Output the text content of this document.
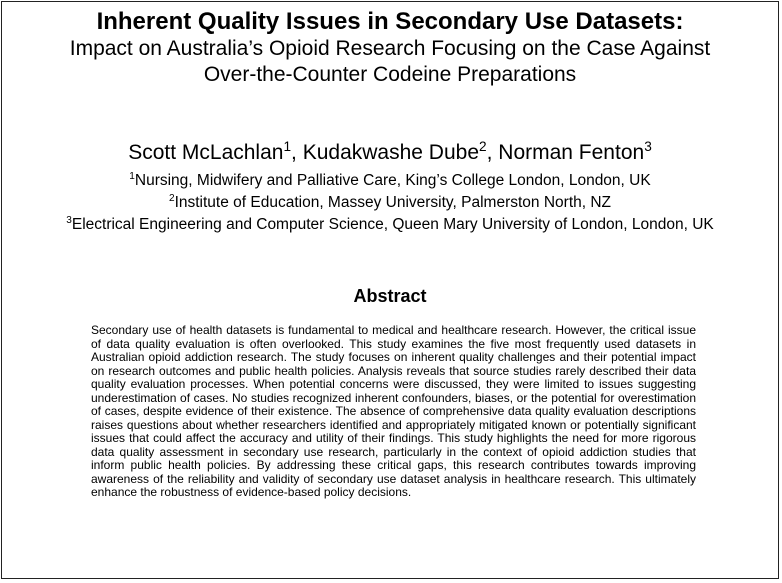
Inherent Quality Issues in Secondary Use Datasets:
Impact on Australia’s Opioid Research Focusing on the Case Against
Over-the-Counter Codeine Preparations
Scott McLachlan$^1$, Kudakwashe Dube$^2$, Norman Fenton$^3$
$^1$Nursing, Midwifery and Palliative Care, King’s College London, London, UK
$^2$Institute of Education, Massey University, Palmerston North, NZ
$^3$Electrical Engineering and Computer Science, Queen Mary University of London, London, UK
Abstract
Secondary use of health datasets is fundamental to medical and healthcare research. However, the critical issue of data quality evaluation is often overlooked. This study examines the five most frequently used datasets in Australian opioid addiction research. The study focuses on inherent quality challenges and their potential impact on research outcomes and public health policies. Analysis reveals that source studies rarely described their data quality evaluation processes. When potential concerns were discussed, they were limited to issues suggesting underestimation of cases. No studies recognized inherent confounders, biases, or the potential for overestimation of cases, despite evidence of their existence. The absence of comprehensive data quality evaluation descriptions raises questions about whether researchers identified and appropriately mitigated known or potentially significant issues that could affect the accuracy and utility of their findings. This study highlights the need for more rigorous data quality assessment in secondary use research, particularly in the context of opioid addiction studies that inform public health policies. By addressing these critical gaps, this research contributes towards improving awareness of the reliability and validity of secondary use dataset analysis in healthcare research. This ultimately enhance the robustness of evidence-based policy decisions.
